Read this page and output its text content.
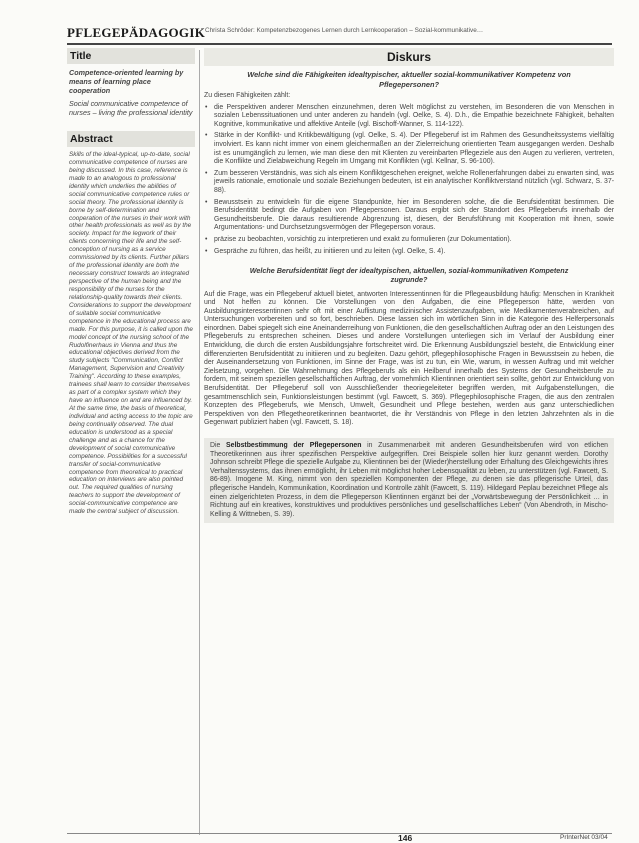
PFLEGEPÄDAGOGIK Christa Schröder: Kompetenzbezogenes Lernen durch Lernkooperation – Sozial-kommunikative…
Title
Competence-oriented learning by means of learning place cooperation
Social communicative competence of nurses – living the professional identity
Abstract
Skills of the ideal-typical, up-to-date, social communicative competence of nurses are being discussed. In this case, reference is made to an analogous to professional identity which underlies the abilities of social communicative competence rules or social theory. The professional identity is borne by self-determination and cooperation of the nurses in their work with other health professionals as well as by the society. Impact for the legwork of their clients concerning their life and the self-conception of nursing as a service commissioned by its clients. Further pillars of the professional identity are both the necessary construct towards an integrated perspective of the human being and the responsibility of the nurses for the relationship-quality towards their clients. Considerations to support the development of suitable social communicative competence in the educational process are made. For this purpose, it is called upon the model concept of the nursing school of the Rudolfinerhaus in Vienna and thus the educational objectives derived from the study subjects "Communication, Conflict Management, Supervision and Creativity Training". According to these examples, trainees shall learn to consider themselves as part of a complex system which they have an influence on and are influenced by. At the same time, the basis of theoretical, individual and acting access to the topic are being continually observed. The dual education is understood as a special challenge and as a chance for the development of social communicative competence. Possibilities for a successful transfer of social-communicative competence from theoretical to practical education on interviews are also pointed out. The required qualities of nursing teachers to support the development of social-communicative competence are made the central subject of discussion.
Diskurs
Welche sind die Fähigkeiten idealtypischer, aktueller sozial-kommunikativer Kompetenz von Pflegepersonen?
Zu diesen Fähigkeiten zählt:
• die Perspektiven anderer Menschen einzunehmen, deren Welt möglichst zu verstehen, im Besonderen die von Menschen in sozialen Lebenssituationen und unter anderen zu handeln (vgl. Oelke, S. 4). D.h., die Empathie bezeichnete Fähigkeit, behalten Kognitive, kommunikative und affektive Anteile (vgl. Bischoff-Wanner, S. 114-122).
• Stärke in der Konflikt- und Kritikbewältigung (vgl. Oelke, S. 4). Der Pflegeberuf ist im Rahmen des Gesundheitssystems vielfältig involviert. Es kann nicht immer von einem gleichermaßen an der Zielerreichung orientierten Team ausgegangen werden. Deshalb ist es unumgänglich zu lernen, wie man diese den mit Klienten zu vereinbarten Pflegeziele aus den Augen zu verlieren, vertreten, die Konflikte und Zielabweichung Regeln im Umgang mit Konflikten (vgl. Kellnar, S. 96-100).
• Zum besseren Verständnis, was sich als einem Konfliktgeschehen ereignet, welche Rollenerfahrungen dabei zu erwarten sind, was jeweils rationale, emotionale und soziale Beziehungen bedeuten, ist ein analytischer Konfliktverstand nützlich (vgl. Schwarz, S. 37-88).
• Bewusstsein zu entwickeln für die eigene Standpunkte, hier im Besonderen solche, die die Berufsidentität bestimmen. Die Berufsidentität bedingt die Aufgaben von Pflegepersonen. Daraus ergibt sich der Standort des Pflegeberufs innerhalb der Gesundheitsberufe. Die daraus resultierende Abgrenzung ist, diesen, der Berufsführung mit Kooperation mit ihnen, sowie Argumentations- und Durchsetzungsvermögen der Pflegeperson voraus.
• präzise zu beobachten, vorsichtig zu interpretieren und exakt zu formulieren (zur Dokumentation).
• Gespräche zu führen, das heißt, zu initiieren und zu leiten (vgl. Oelke, S. 4).
Welche Berufsidentität liegt der idealtypischen, aktuellen, sozial-kommunikativen Kompetenz zugrunde?
Auf die Frage, was ein Pflegeberuf aktuell bietet, antworten Interessentinnen für die Pflegeausbildung häufig: Menschen in Krankheit und Not helfen zu können. Die Vorstellungen von den Aufgaben, die eine Pflegeperson hätte, werden von Ausbildungsinteressentinnen sehr oft mit einer Auflistung medizinischer Assistenzaufgaben, wie Medikamentenverabreichen, auf Untersuchungen vorbereiten und so fort, beschrieben. Diese lassen sich im wörtlichen Sinn in die Kategorie des Helferpersonals einordnen. Dabei spiegelt sich eine Aneinanderreihung von Funktionen, die den gesellschaftlichen Auftrag oder an den Leistungen des Pflegeberufs zu entsprechen scheinen. Dieses und andere Vorstellungen unterliegen sich im Verlauf der Ausbildung einer Entwicklung, die durch die ersten Ausbildungsjahre fortschreitet wird. Die Erkennung Ausbildungsziel besteht, die Entwicklung einer differenzierten Berufsidentität zu initiieren und zu begleiten. Dazu gehört, pflegephilosophische Fragen in Bewusstsein zu heben, die der Auseinandersetzung von Funktionen, im Sinne der Frage, was ist zu tun, ein Wie, warum, in wessen Auftrag und mit welcher Zielsetzung, vorgehen. Die Wahrnehmung des Pflegeberufs als ein Heilberuf innerhalb des Systems der Gesundheitsberufe zu fordern, mit seinem speziellen gesellschaftlichen Auftrag, der vornehmlich Klientinnen orientiert sein sollte, gehört zur Entwicklung von Berufsidentität. Der Pflegeberuf soll von Ausschließender theoriegeleiteter begriffen werden, mit Aufgabenstellungen, die gesamtmenschlich sein, Funktionsleistungen bestimmt (vgl. Fawcett, S. 369). Pflegephilosophische Fragen, die aus den zentralen Konzepten des Pflegeberufs, wie Mensch, Umwelt, Gesundheit und Pflege bestehen, werden aus ganz unterschiedlichen Perspektiven von den Pflegetheoretikerinnen beantwortet, die ihr Verständnis von Pflege in den letzten Jahrzehnten als in die Gegenwart publiziert haben (vgl. Fawcett, S. 18).
Die Selbstbestimmung der Pflegepersonen in Zusammenarbeit mit anderen Gesundheitsberufen wird von etlichen Theoretikerinnen aus ihrer spezifischen Perspektive aufgegriffen. Drei Beispiele sollen hier kurz genannt werden. Dorothy Johnson schreibt Pflege die spezielle Aufgabe zu, Klientinnen bei der (Wieder)herstellung oder Erhaltung des Gleichgewichts ihres Verhaltenssystems, das ihnen ermöglicht, ihr Leben mit möglichst hoher Lebensqualität zu leben, zu unterstützen (vgl. Fawcett, S. 86-89). Imogene M. King, nimmt von den speziellen Komponenten der Pflege, zu denen sie das pflegerische Urteil, das pflegerische Handeln, Kommunikation, Koordination und Kontrolle zählt (Fawcett, S. 119). Hildegard Peplau bezeichnet Pflege als einen zielgerichteten Prozess, in dem die Pflegeperson Klientinnen ergänzt bei der „Vorwärtsbewegung der Persönlichkeit … in Richtung auf ein kreatives, konstruktives und produktives persönliches und gesellschaftliches Leben“ (Von Abendroth, in Mischo-Kelling & Wittneben, S. 39).
146	PrInterNet 03/04
